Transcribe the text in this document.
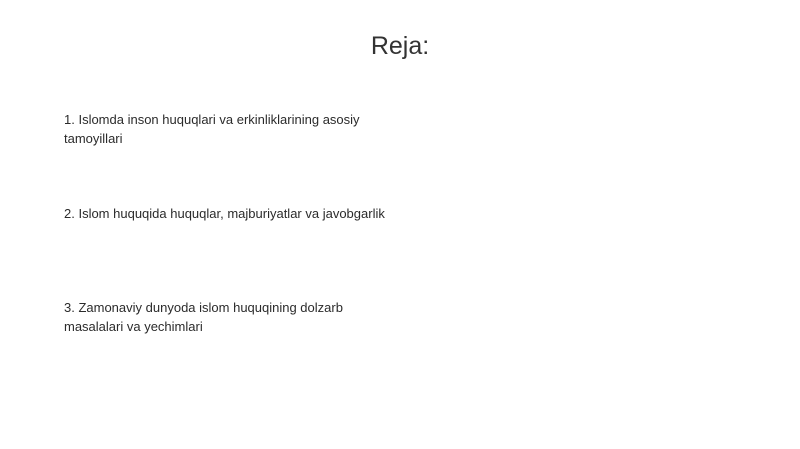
Reja:
1. Islomda inson huquqlari va erkinliklarining asosiy tamoyillari
2. Islom huquqida huquqlar, majburiyatlar va javobgarlik
3. Zamonaviy dunyoda islom huquqining dolzarb masalalari va yechimlari
